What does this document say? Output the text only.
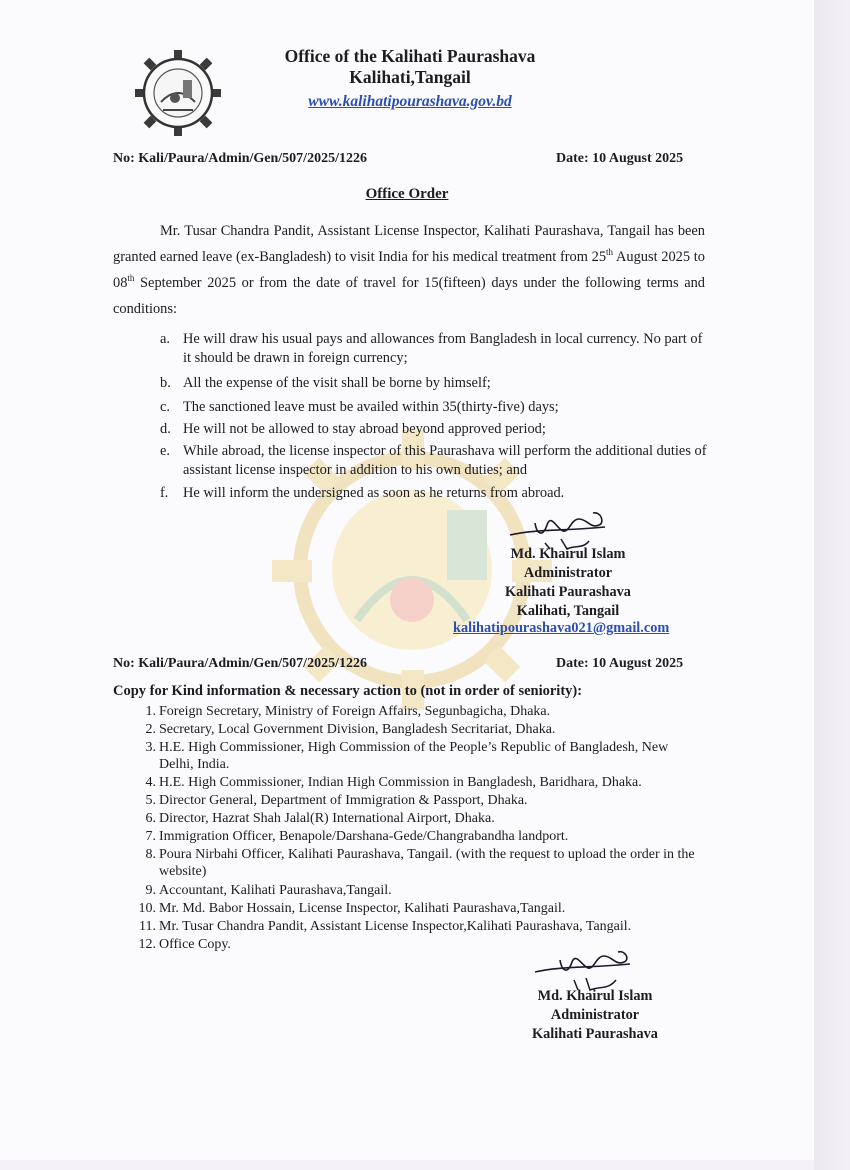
Office of the Kalihati Paurashava
Kalihati,Tangail
www.kalihatipourashava.gov.bd
No: Kali/Paura/Admin/Gen/507/2025/1226	Date: 10 August 2025
Office Order
Mr. Tusar Chandra Pandit, Assistant License Inspector, Kalihati Paurashava, Tangail has been granted earned leave (ex-Bangladesh) to visit India for his medical treatment from 25th August 2025 to 08th September 2025 or from the date of travel for 15(fifteen) days under the following terms and conditions:
a. He will draw his usual pays and allowances from Bangladesh in local currency. No part of it should be drawn in foreign currency;
b. All the expense of the visit shall be borne by himself;
c. The sanctioned leave must be availed within 35(thirty-five) days;
d. He will not be allowed to stay abroad beyond approved period;
e. While abroad, the license inspector of this Paurashava will perform the additional duties of assistant license inspector in addition to his own duties; and
f.	He will inform the undersigned as soon as he returns from abroad.
Md. Khairul Islam
Administrator
Kalihati Paurashava
Kalihati, Tangail
kalihatipourashava021@gmail.com
No: Kali/Paura/Admin/Gen/507/2025/1226	Date: 10 August 2025
Copy for Kind information & necessary action to (not in order of seniority):
1. Foreign Secretary, Ministry of Foreign Affairs, Segunbagicha, Dhaka.
2. Secretary, Local Government Division, Bangladesh Secritariat, Dhaka.
3. H.E. High Commissioner, High Commission of the People’s Republic of Bangladesh, New Delhi, India.
4. H.E. High Commissioner, Indian High Commission in Bangladesh, Baridhara, Dhaka.
5. Director General, Department of Immigration & Passport, Dhaka.
6. Director, Hazrat Shah Jalal(R) International Airport, Dhaka.
7. Immigration Officer, Benapole/Darshana-Gede/Changrabandha landport.
8. Poura Nirbahi Officer, Kalihati Paurashava, Tangail. (with the request to upload the order in the website)
9. Accountant, Kalihati Paurashava,Tangail.
10. Mr. Md. Babor Hossain, License Inspector, Kalihati Paurashava,Tangail.
11. Mr. Tusar Chandra Pandit, Assistant License Inspector,Kalihati Paurashava, Tangail.
12. Office Copy.
Md. Khairul Islam
Administrator
Kalihati Paurashava
